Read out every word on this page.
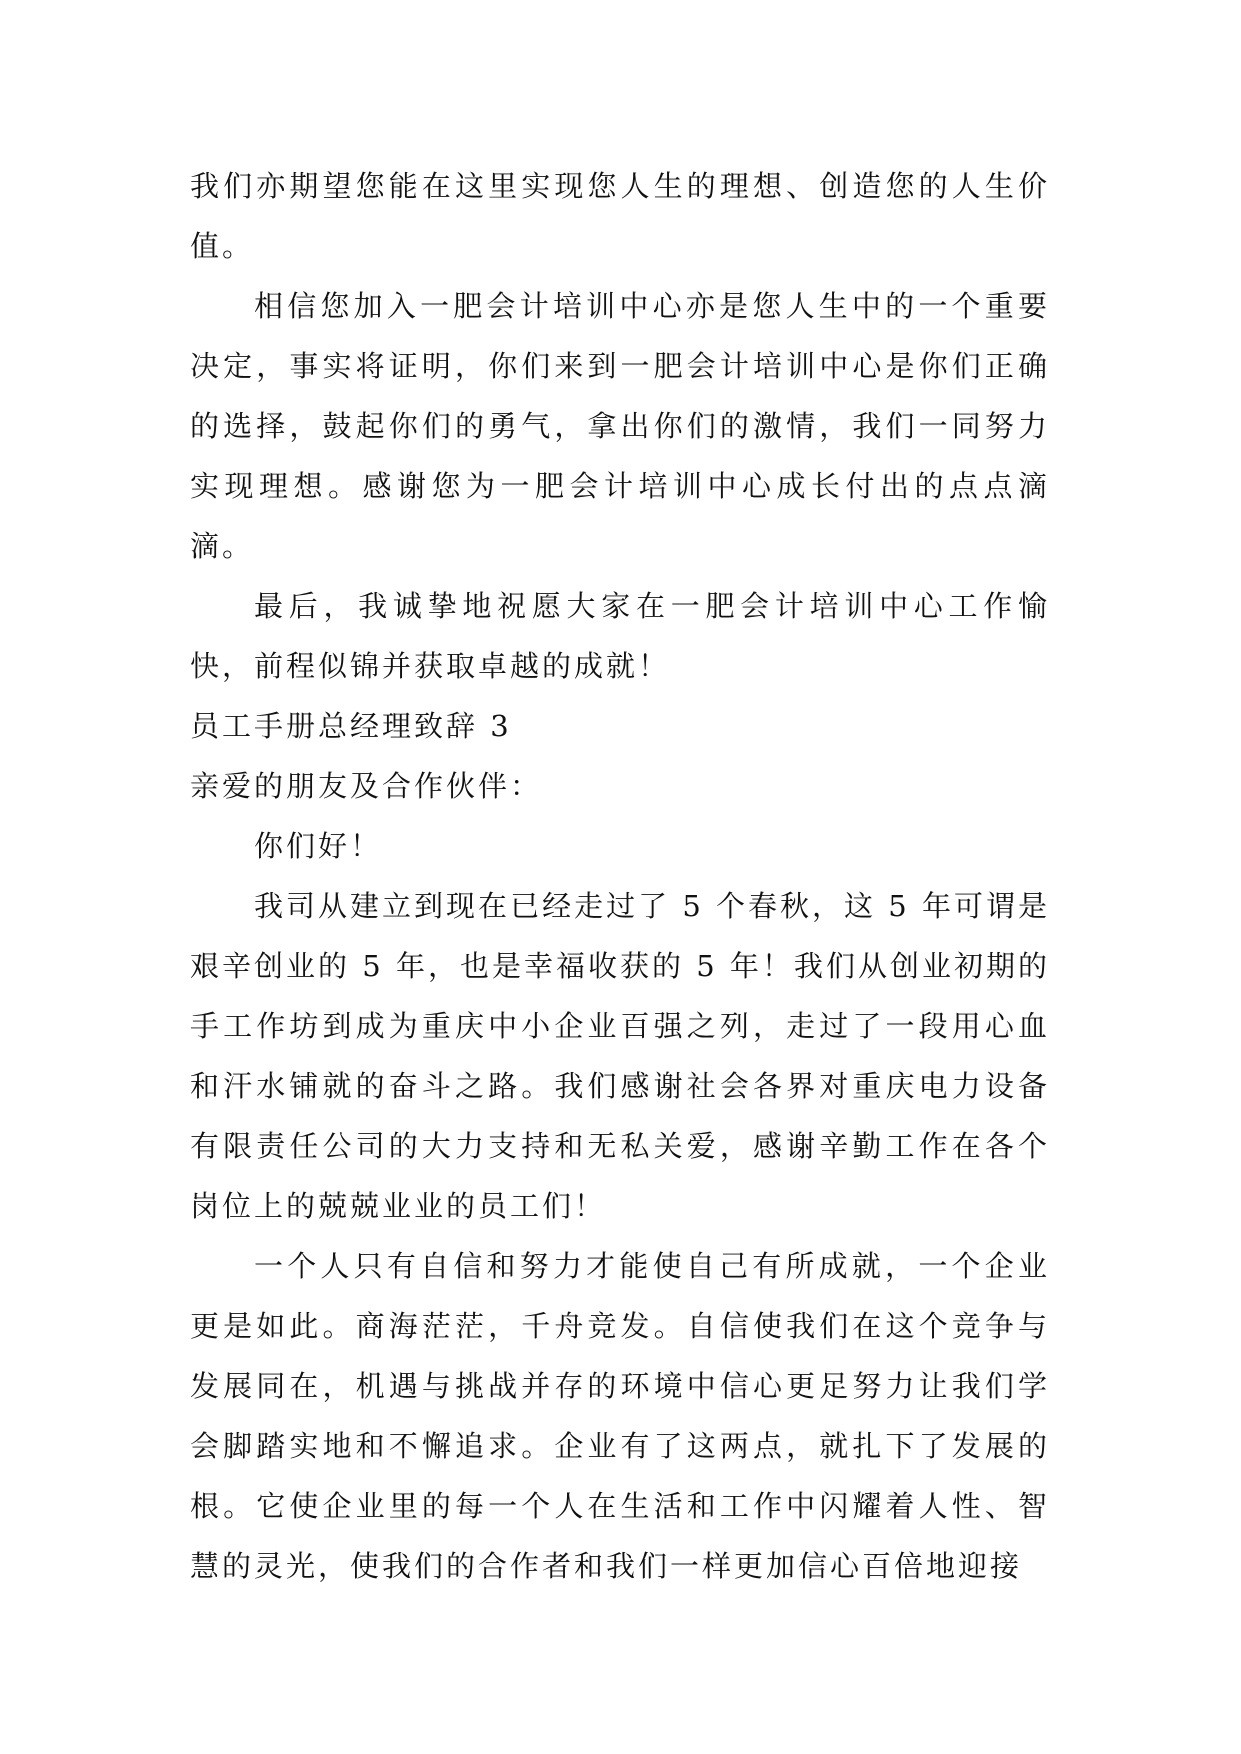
我们亦期望您能在这里实现您人生的理想、创造您的人生价值。

相信您加入一肥会计培训中心亦是您人生中的一个重要决定，事实将证明，你们来到一肥会计培训中心是你们正确的选择，鼓起你们的勇气，拿出你们的激情，我们一同努力实现理想。感谢您为一肥会计培训中心成长付出的点点滴滴。

最后，我诚挚地祝愿大家在一肥会计培训中心工作愉快，前程似锦并获取卓越的成就！

员工手册总经理致辞 3

亲爱的朋友及合作伙伴：

你们好！

我司从建立到现在已经走过了 5 个春秋，这 5 年可谓是艰辛创业的 5 年，也是幸福收获的 5 年！我们从创业初期的手工作坊到成为重庆中小企业百强之列，走过了一段用心血和汗水铺就的奋斗之路。我们感谢社会各界对重庆电力设备有限责任公司的大力支持和无私关爱，感谢辛勤工作在各个岗位上的兢兢业业的员工们！

一个人只有自信和努力才能使自己有所成就，一个企业更是如此。商海茫茫，千舟竞发。自信使我们在这个竞争与发展同在，机遇与挑战并存的环境中信心更足努力让我们学会脚踏实地和不懈追求。企业有了这两点，就扎下了发展的根。它使企业里的每一个人在生活和工作中闪耀着人性、智慧的灵光，使我们的合作者和我们一样更加信心百倍地迎接
